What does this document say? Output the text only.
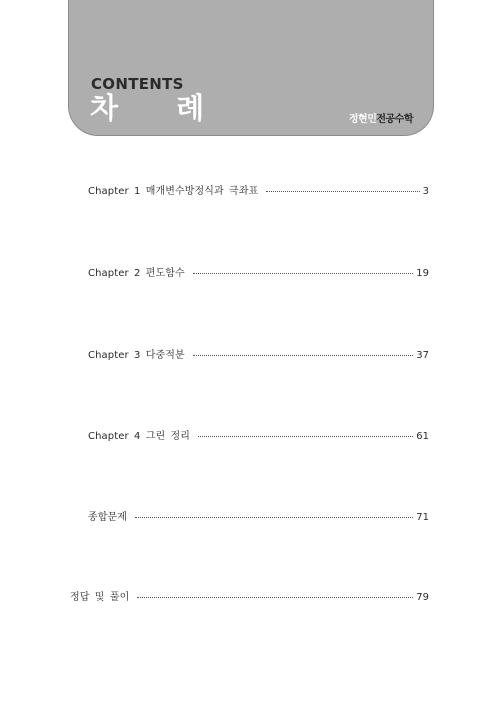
CONTENTS
차 례	정현민전공수학
Chapter 1 매개변수방정식과 극좌표	3
Chapter 2 편도함수	19
Chapter 3 다중적분	37
Chapter 4 그린 정리	61
종합문제	71
정답 및 풀이	79
